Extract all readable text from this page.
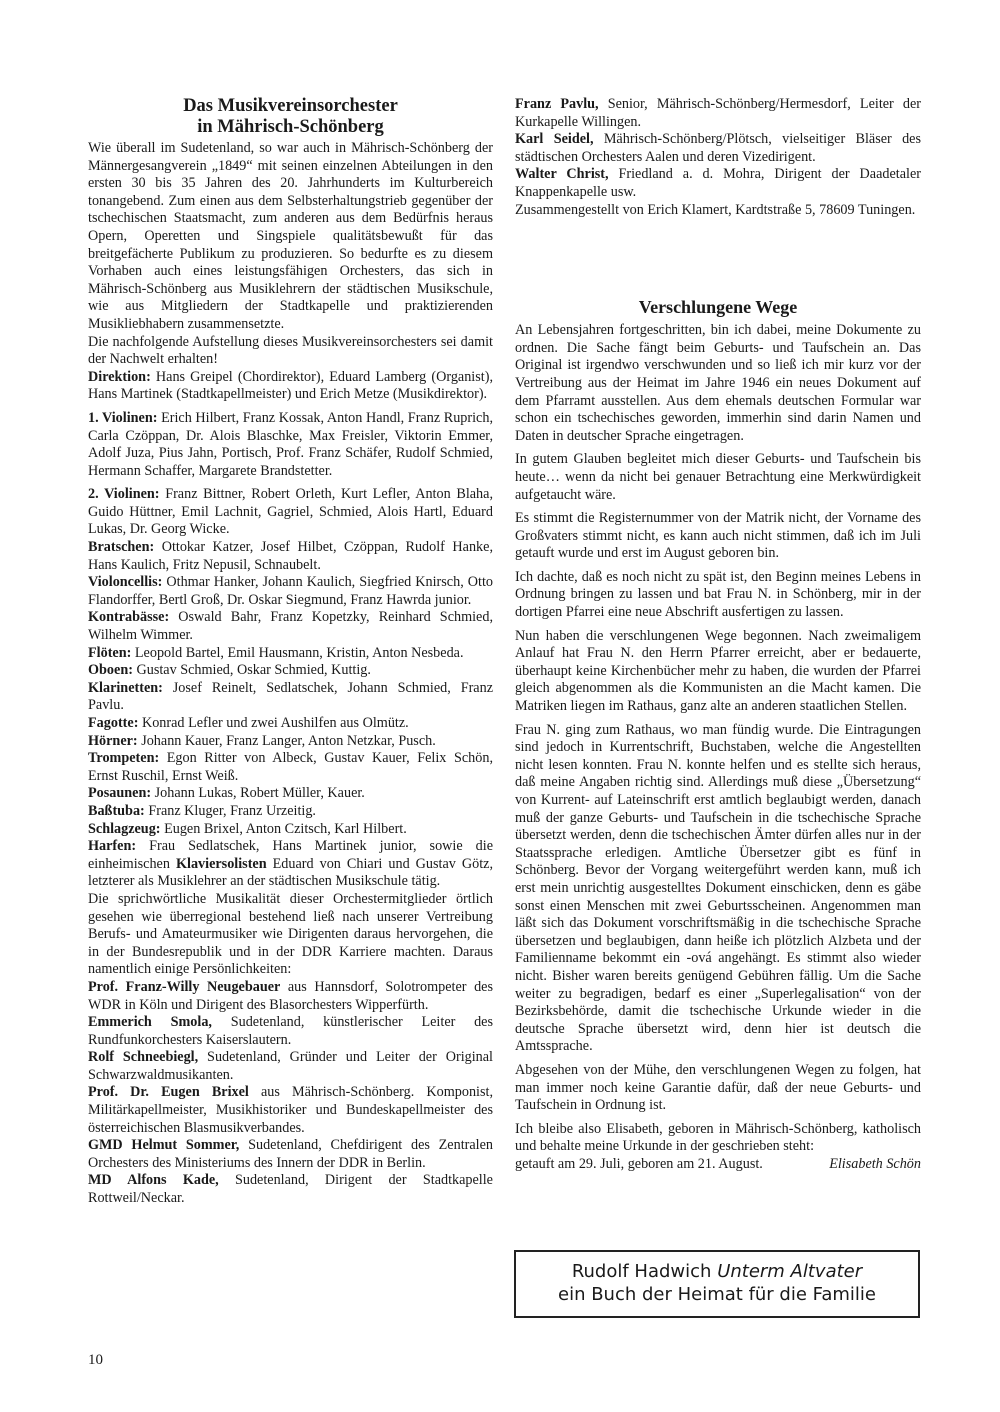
Das Musikvereinsorchester
in Mährisch-Schönberg

Wie überall im Sudetenland, so war auch in Mährisch-Schönberg der Männergesangverein „1849“ mit seinen einzelnen Abteilungen in den ersten 30 bis 35 Jahren des 20. Jahrhunderts im Kulturbereich tonangebend. Zum einen aus dem Selbsterhaltungstrieb gegenüber der tschechischen Staatsmacht, zum anderen aus dem Bedürfnis heraus Opern, Operetten und Singspiele qualitätsbewußt für das breitgefächerte Publikum zu produzieren. So bedurfte es zu diesem Vorhaben auch eines leistungsfähigen Orchesters, das sich in Mährisch-Schönberg aus Musiklehrern der städtischen Musikschule, wie aus Mitgliedern der Stadtkapelle und praktizierenden Musikliebhabern zusammensetzte.

Die nachfolgende Aufstellung dieses Musikvereinsorchesters sei damit der Nachwelt erhalten!

Direktion: Hans Greipel (Chordirektor), Eduard Lamberg (Organist), Hans Martinek (Stadtkapellmeister) und Erich Metze (Musikdirektor).

1. Violinen: Erich Hilbert, Franz Kossak, Anton Handl, Franz Ruprich, Carla Czöppan, Dr. Alois Blaschke, Max Freisler, Viktorin Emmer, Adolf Juza, Pius Jahn, Portisch, Prof. Franz Schäfer, Rudolf Schmied, Hermann Schaffer, Margarete Brandstetter.

2. Violinen: Franz Bittner, Robert Orleth, Kurt Lefler, Anton Blaha, Guido Hüttner, Emil Lachnit, Gagriel, Schmied, Alois Hartl, Eduard Lukas, Dr. Georg Wicke.

Bratschen: Ottokar Katzer, Josef Hilbet, Czöppan, Rudolf Hanke, Hans Kaulich, Fritz Nepusil, Schnaubelt.

Violoncellis: Othmar Hanker, Johann Kaulich, Siegfried Knirsch, Otto Flandorffer, Bertl Groß, Dr. Oskar Siegmund, Franz Hawrda junior.

Kontrabässe: Oswald Bahr, Franz Kopetzky, Reinhard Schmied, Wilhelm Wimmer.

Flöten: Leopold Bartel, Emil Hausmann, Kristin, Anton Nesbeda.

Oboen: Gustav Schmied, Oskar Schmied, Kuttig.

Klarinetten: Josef Reinelt, Sedlatschek, Johann Schmied, Franz Pavlu.

Fagotte: Konrad Lefler und zwei Aushilfen aus Olmütz.

Hörner: Johann Kauer, Franz Langer, Anton Netzkar, Pusch.

Trompeten: Egon Ritter von Albeck, Gustav Kauer, Felix Schön, Ernst Ruschil, Ernst Weiß.

Posaunen: Johann Lukas, Robert Müller, Kauer.

Baßtuba: Franz Kluger, Franz Urzeitig.

Schlagzeug: Eugen Brixel, Anton Czitsch, Karl Hilbert.

Harfen: Frau Sedlatschek, Hans Martinek junior, sowie die einheimischen Klaviersolisten Eduard von Chiari und Gustav Götz, letzterer als Musiklehrer an der städtischen Musikschule tätig.

Die sprichwörtliche Musikalität dieser Orchestermitglieder örtlich gesehen wie überregional bestehend ließ nach unserer Vertreibung Berufs- und Amateurmusiker wie Dirigenten daraus hervorgehen, die in der Bundesrepublik und in der DDR Karriere machten. Daraus namentlich einige Persönlichkeiten:

Prof. Franz-Willy Neugebauer aus Hannsdorf, Solotrompeter des WDR in Köln und Dirigent des Blasorchesters Wipperfürth.

Emmerich Smola, Sudetenland, künstlerischer Leiter des Rundfunkorchesters Kaiserslautern.

Rolf Schneebiegl, Sudetenland, Gründer und Leiter der Original Schwarzwaldmusikanten.

Prof. Dr. Eugen Brixel aus Mährisch-Schönberg. Komponist, Militärkapellmeister, Musikhistoriker und Bundeskapellmeister des österreichischen Blasmusikverbandes.

GMD Helmut Sommer, Sudetenland, Chefdirigent des Zentralen Orchesters des Ministeriums des Innern der DDR in Berlin.

MD Alfons Kade, Sudetenland, Dirigent der Stadtkapelle Rottweil/Neckar.

Franz Pavlu, Senior, Mährisch-Schönberg/Hermesdorf, Leiter der Kurkapelle Willingen.

Karl Seidel, Mährisch-Schönberg/Plötsch, vielseitiger Bläser des städtischen Orchesters Aalen und deren Vizedirigent.

Walter Christ, Friedland a. d. Mohra, Dirigent der Daadetaler Knappenkapelle usw.

Zusammengestellt von Erich Klamert, Kardtstraße 5, 78609 Tuningen.

Verschlungene Wege

An Lebensjahren fortgeschritten, bin ich dabei, meine Dokumente zu ordnen. Die Sache fängt beim Geburts- und Taufschein an. Das Original ist irgendwo verschwunden und so ließ ich mir kurz vor der Vertreibung aus der Heimat im Jahre 1946 ein neues Dokument auf dem Pfarramt ausstellen. Aus dem ehemals deutschen Formular war schon ein tschechisches geworden, immerhin sind darin Namen und Daten in deutscher Sprache eingetragen.

In gutem Glauben begleitet mich dieser Geburts- und Taufschein bis heute… wenn da nicht bei genauer Betrachtung eine Merkwürdigkeit aufgetaucht wäre.

Es stimmt die Registernummer von der Matrik nicht, der Vorname des Großvaters stimmt nicht, es kann auch nicht stimmen, daß ich im Juli getauft wurde und erst im August geboren bin.

Ich dachte, daß es noch nicht zu spät ist, den Beginn meines Lebens in Ordnung bringen zu lassen und bat Frau N. in Schönberg, mir in der dortigen Pfarrei eine neue Abschrift ausfertigen zu lassen.

Nun haben die verschlungenen Wege begonnen. Nach zweimaligem Anlauf hat Frau N. den Herrn Pfarrer erreicht, aber er bedauerte, überhaupt keine Kirchenbücher mehr zu haben, die wurden der Pfarrei gleich abgenommen als die Kommunisten an die Macht kamen. Die Matriken liegen im Rathaus, ganz alte an anderen staatlichen Stellen.

Frau N. ging zum Rathaus, wo man fündig wurde. Die Eintragungen sind jedoch in Kurrentschrift, Buchstaben, welche die Angestellten nicht lesen konnten. Frau N. konnte helfen und es stellte sich heraus, daß meine Angaben richtig sind. Allerdings muß diese „Übersetzung“ von Kurrent- auf Lateinschrift erst amtlich beglaubigt werden, danach muß der ganze Geburts- und Taufschein in die tschechische Sprache übersetzt werden, denn die tschechischen Ämter dürfen alles nur in der Staatssprache erledigen. Amtliche Übersetzer gibt es fünf in Schönberg. Bevor der Vorgang weitergeführt werden kann, muß ich erst mein unrichtig ausgestelltes Dokument einschicken, denn es gäbe sonst einen Menschen mit zwei Geburtsscheinen. Angenommen man läßt sich das Dokument vorschriftsmäßig in die tschechische Sprache übersetzen und beglaubigen, dann heiße ich plötzlich Alzbeta und der Familienname bekommt ein -ová angehängt. Es stimmt also wieder nicht. Bisher waren bereits genügend Gebühren fällig. Um die Sache weiter zu begradigen, bedarf es einer „Superlegalisation“ von der Bezirksbehörde, damit die tschechische Urkunde wieder in die deutsche Sprache übersetzt wird, denn hier ist deutsch die Amtssprache.

Abgesehen von der Mühe, den verschlungenen Wegen zu folgen, hat man immer noch keine Garantie dafür, daß der neue Geburts- und Taufschein in Ordnung ist.

Ich bleibe also Elisabeth, geboren in Mährisch-Schönberg, katholisch und behalte meine Urkunde in der geschrieben steht:

getauft am 29. Juli, geboren am 21. August.	Elisabeth Schön
Rudolf Hadwich Unterm Altvater
ein Buch der Heimat für die Familie
10
